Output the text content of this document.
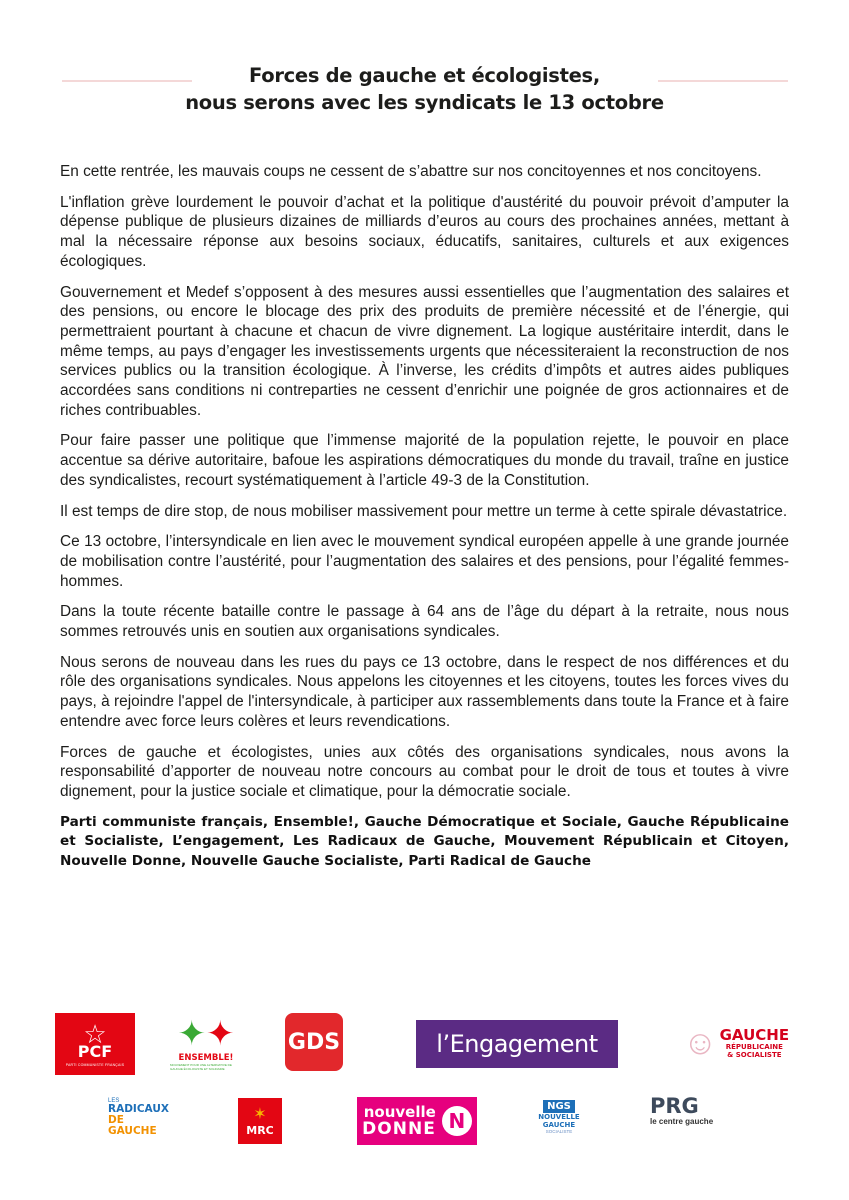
Forces de gauche et écologistes,
nous serons avec les syndicats le 13 octobre

En cette rentrée, les mauvais coups ne cessent de s’abattre sur nos concitoyennes et nos concitoyens.

L'inflation grève lourdement le pouvoir d’achat et la politique d'austérité du pouvoir prévoit d’amputer la dépense publique de plusieurs dizaines de milliards d’euros au cours des prochaines années, mettant à mal la nécessaire réponse aux besoins sociaux, éducatifs, sanitaires, culturels et aux exigences écologiques.

Gouvernement et Medef s’opposent à des mesures aussi essentielles que l’augmentation des salaires et des pensions, ou encore le blocage des prix des produits de première nécessité et de l’énergie, qui permettraient pourtant à chacune et chacun de vivre dignement. La logique austéritaire interdit, dans le même temps, au pays d’engager les investissements urgents que nécessiteraient la reconstruction de nos services publics ou la transition écologique. À l’inverse, les crédits d’impôts et autres aides publiques accordées sans conditions ni contreparties ne cessent d’enrichir une poignée de gros actionnaires et de riches contribuables.

Pour faire passer une politique que l’immense majorité de la population rejette, le pouvoir en place accentue sa dérive autoritaire, bafoue les aspirations démocratiques du monde du travail, traîne en justice des syndicalistes, recourt systématiquement à l’article 49-3 de la Constitution.

Il est temps de dire stop, de nous mobiliser massivement pour mettre un terme à cette spirale dévastatrice.

Ce 13 octobre, l’intersyndicale en lien avec le mouvement syndical européen appelle à une grande journée de mobilisation contre l’austérité, pour l’augmentation des salaires et des pensions, pour l’égalité femmes-hommes.

Dans la toute récente bataille contre le passage à 64 ans de l’âge du départ à la retraite, nous nous sommes retrouvés unis en soutien aux organisations syndicales.

Nous serons de nouveau dans les rues du pays ce 13 octobre, dans le respect de nos différences et du rôle des organisations syndicales. Nous appelons les citoyennes et les citoyens, toutes les forces vives du pays, à rejoindre l'appel de l'intersyndicale, à participer aux rassemblements dans toute la France et à faire entendre avec force leurs colères et leurs revendications.

Forces de gauche et écologistes, unies aux côtés des organisations syndicales, nous avons la responsabilité d’apporter de nouveau notre concours au combat pour le droit de tous et toutes à vivre dignement, pour la justice sociale et climatique, pour la démocratie sociale.

Parti communiste français, Ensemble!, Gauche Démocratique et Sociale, Gauche Républicaine et Socialiste, L’engagement, Les Radicaux de Gauche, Mouvement Républicain et Citoyen, Nouvelle Donne, Nouvelle Gauche Socialiste, Parti Radical de Gauche
☆
PCF
PARTI COMMUNISTE FRANÇAIS
✦✦
ENSEMBLE!
MOUVEMENT POUR UNE ALTERNATIVE DE GAUCHE ÉCOLOGISTE ET SOLIDAIRE
GDS	l’Engagement	☺ GAUCHE
RÉPUBLICAINE
& SOCIALISTE
LES
RADICAUX
DE GAUCHE
✶
MRC
nouvelle
DONNE N
NGS
NOUVELLE
GAUCHE
SOCIALISTE
PRG
le centre gauche
